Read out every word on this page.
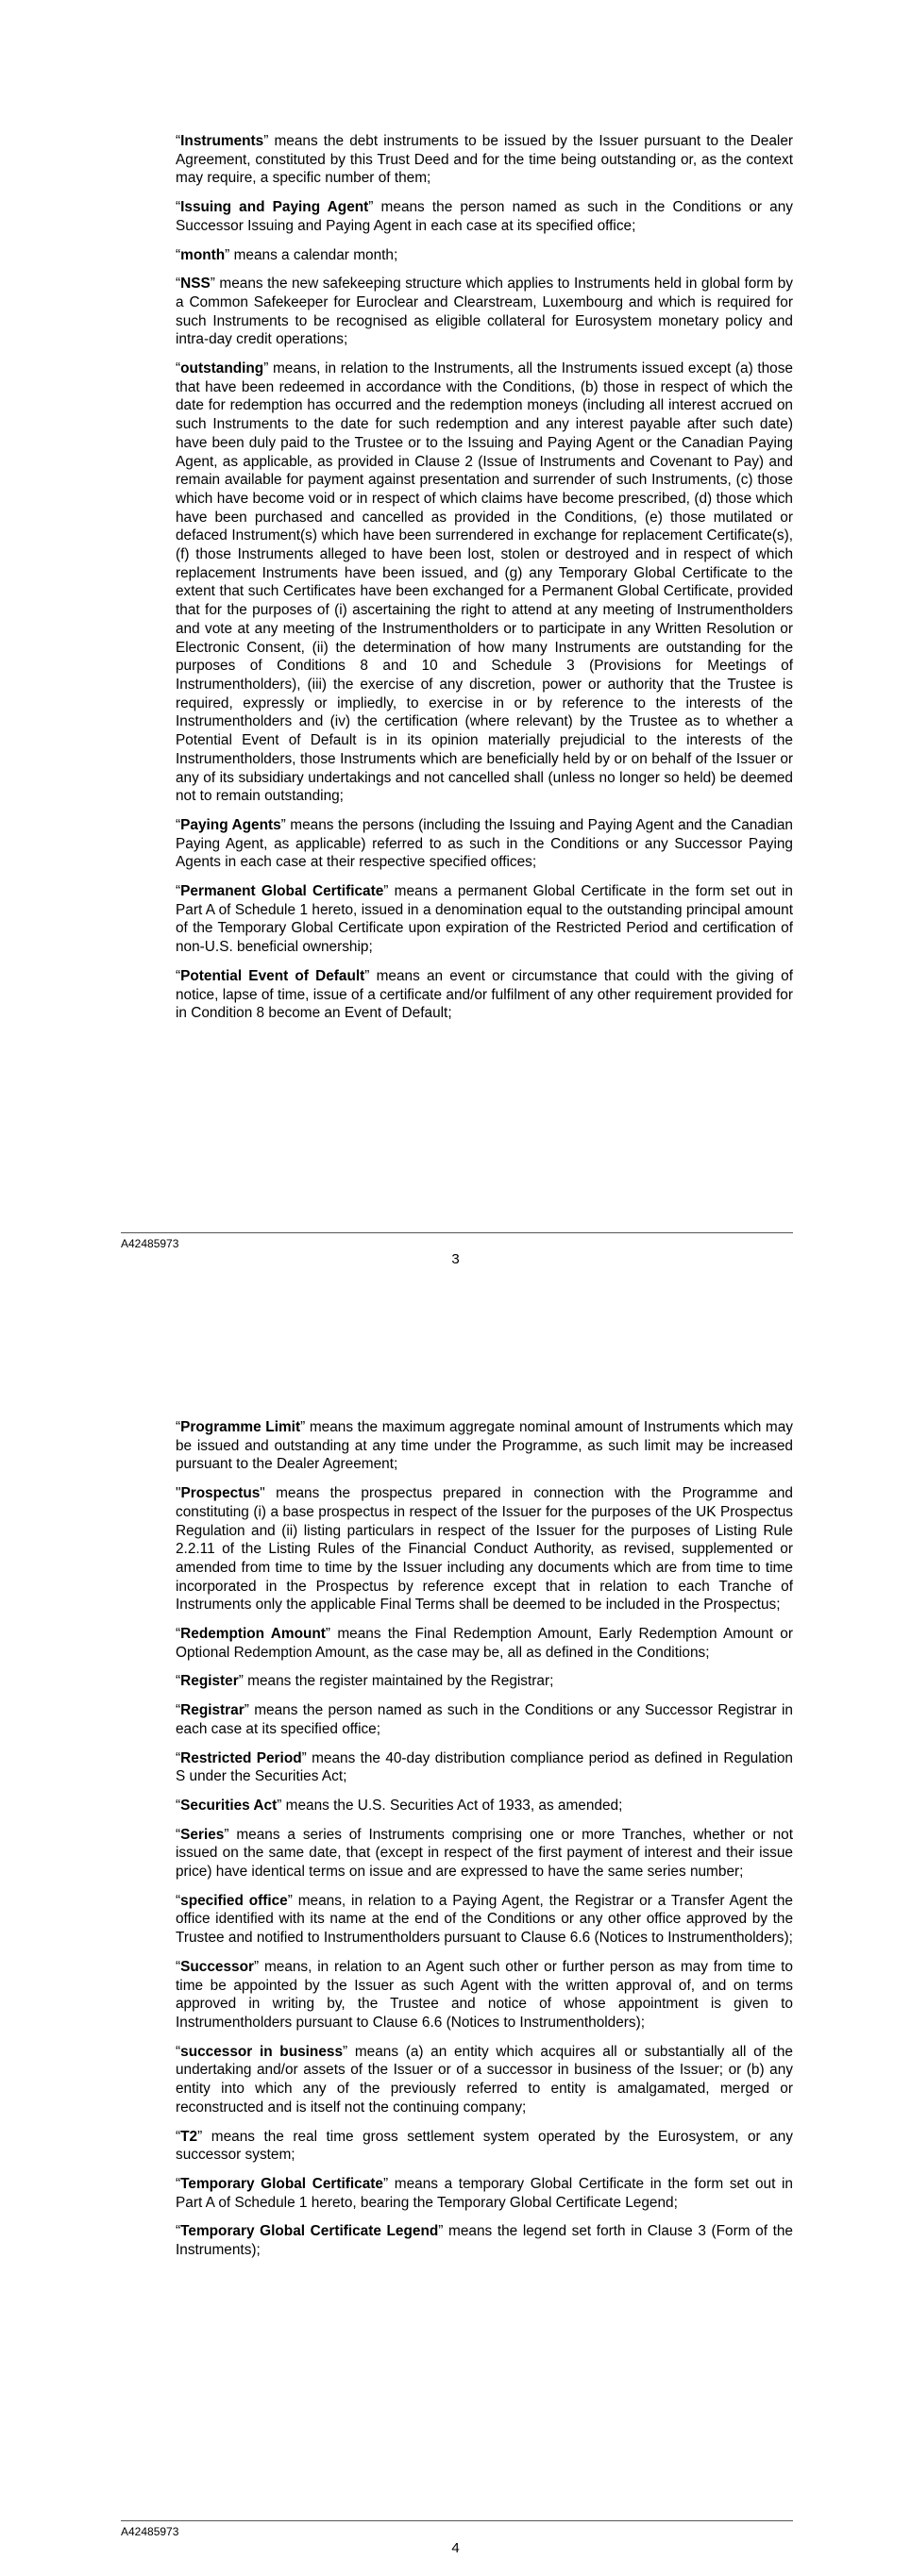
“Instruments” means the debt instruments to be issued by the Issuer pursuant to the Dealer Agreement, constituted by this Trust Deed and for the time being outstanding or, as the context may require, a specific number of them;

“Issuing and Paying Agent” means the person named as such in the Conditions or any Successor Issuing and Paying Agent in each case at its specified office;

“month” means a calendar month;

“NSS” means the new safekeeping structure which applies to Instruments held in global form by a Common Safekeeper for Euroclear and Clearstream, Luxembourg and which is required for such Instruments to be recognised as eligible collateral for Eurosystem monetary policy and intra-day credit operations;

“outstanding” means, in relation to the Instruments, all the Instruments issued except (a) those that have been redeemed in accordance with the Conditions, (b) those in respect of which the date for redemption has occurred and the redemption moneys (including all interest accrued on such Instruments to the date for such redemption and any interest payable after such date) have been duly paid to the Trustee or to the Issuing and Paying Agent or the Canadian Paying Agent, as applicable, as provided in Clause 2 (Issue of Instruments and Covenant to Pay) and remain available for payment against presentation and surrender of such Instruments, (c) those which have become void or in respect of which claims have become prescribed, (d) those which have been purchased and cancelled as provided in the Conditions, (e) those mutilated or defaced Instrument(s) which have been surrendered in exchange for replacement Certificate(s), (f) those Instruments alleged to have been lost, stolen or destroyed and in respect of which replacement Instruments have been issued, and (g) any Temporary Global Certificate to the extent that such Certificates have been exchanged for a Permanent Global Certificate, provided that for the purposes of (i) ascertaining the right to attend at any meeting of Instrumentholders and vote at any meeting of the Instrumentholders or to participate in any Written Resolution or Electronic Consent, (ii) the determination of how many Instruments are outstanding for the purposes of Conditions 8 and 10 and Schedule 3 (Provisions for Meetings of Instrumentholders), (iii) the exercise of any discretion, power or authority that the Trustee is required, expressly or impliedly, to exercise in or by reference to the interests of the Instrumentholders and (iv) the certification (where relevant) by the Trustee as to whether a Potential Event of Default is in its opinion materially prejudicial to the interests of the Instrumentholders, those Instruments which are beneficially held by or on behalf of the Issuer or any of its subsidiary undertakings and not cancelled shall (unless no longer so held) be deemed not to remain outstanding;

“Paying Agents” means the persons (including the Issuing and Paying Agent and the Canadian Paying Agent, as applicable) referred to as such in the Conditions or any Successor Paying Agents in each case at their respective specified offices;

“Permanent Global Certificate” means a permanent Global Certificate in the form set out in Part A of Schedule 1 hereto, issued in a denomination equal to the outstanding principal amount of the Temporary Global Certificate upon expiration of the Restricted Period and certification of non-U.S. beneficial ownership;

“Potential Event of Default” means an event or circumstance that could with the giving of notice, lapse of time, issue of a certificate and/or fulfilment of any other requirement provided for in Condition 8 become an Event of Default;

A42485973
3

“Programme Limit” means the maximum aggregate nominal amount of Instruments which may be issued and outstanding at any time under the Programme, as such limit may be increased pursuant to the Dealer Agreement;

"Prospectus" means the prospectus prepared in connection with the Programme and constituting (i) a base prospectus in respect of the Issuer for the purposes of the UK Prospectus Regulation and (ii) listing particulars in respect of the Issuer for the purposes of Listing Rule 2.2.11 of the Listing Rules of the Financial Conduct Authority, as revised, supplemented or amended from time to time by the Issuer including any documents which are from time to time incorporated in the Prospectus by reference except that in relation to each Tranche of Instruments only the applicable Final Terms shall be deemed to be included in the Prospectus;

“Redemption Amount” means the Final Redemption Amount, Early Redemption Amount or Optional Redemption Amount, as the case may be, all as defined in the Conditions;

“Register” means the register maintained by the Registrar;

“Registrar” means the person named as such in the Conditions or any Successor Registrar in each case at its specified office;

“Restricted Period” means the 40-day distribution compliance period as defined in Regulation S under the Securities Act;

“Securities Act” means the U.S. Securities Act of 1933, as amended;

“Series” means a series of Instruments comprising one or more Tranches, whether or not issued on the same date, that (except in respect of the first payment of interest and their issue price) have identical terms on issue and are expressed to have the same series number;

“specified office” means, in relation to a Paying Agent, the Registrar or a Transfer Agent the office identified with its name at the end of the Conditions or any other office approved by the Trustee and notified to Instrumentholders pursuant to Clause 6.6 (Notices to Instrumentholders);

“Successor” means, in relation to an Agent such other or further person as may from time to time be appointed by the Issuer as such Agent with the written approval of, and on terms approved in writing by, the Trustee and notice of whose appointment is given to Instrumentholders pursuant to Clause 6.6 (Notices to Instrumentholders);

“successor in business” means (a) an entity which acquires all or substantially all of the undertaking and/or assets of the Issuer or of a successor in business of the Issuer; or (b) any entity into which any of the previously referred to entity is amalgamated, merged or reconstructed and is itself not the continuing company;

“T2” means the real time gross settlement system operated by the Eurosystem, or any successor system;

“Temporary Global Certificate” means a temporary Global Certificate in the form set out in Part A of Schedule 1 hereto, bearing the Temporary Global Certificate Legend;

“Temporary Global Certificate Legend” means the legend set forth in Clause 3 (Form of the Instruments);

A42485973
4
